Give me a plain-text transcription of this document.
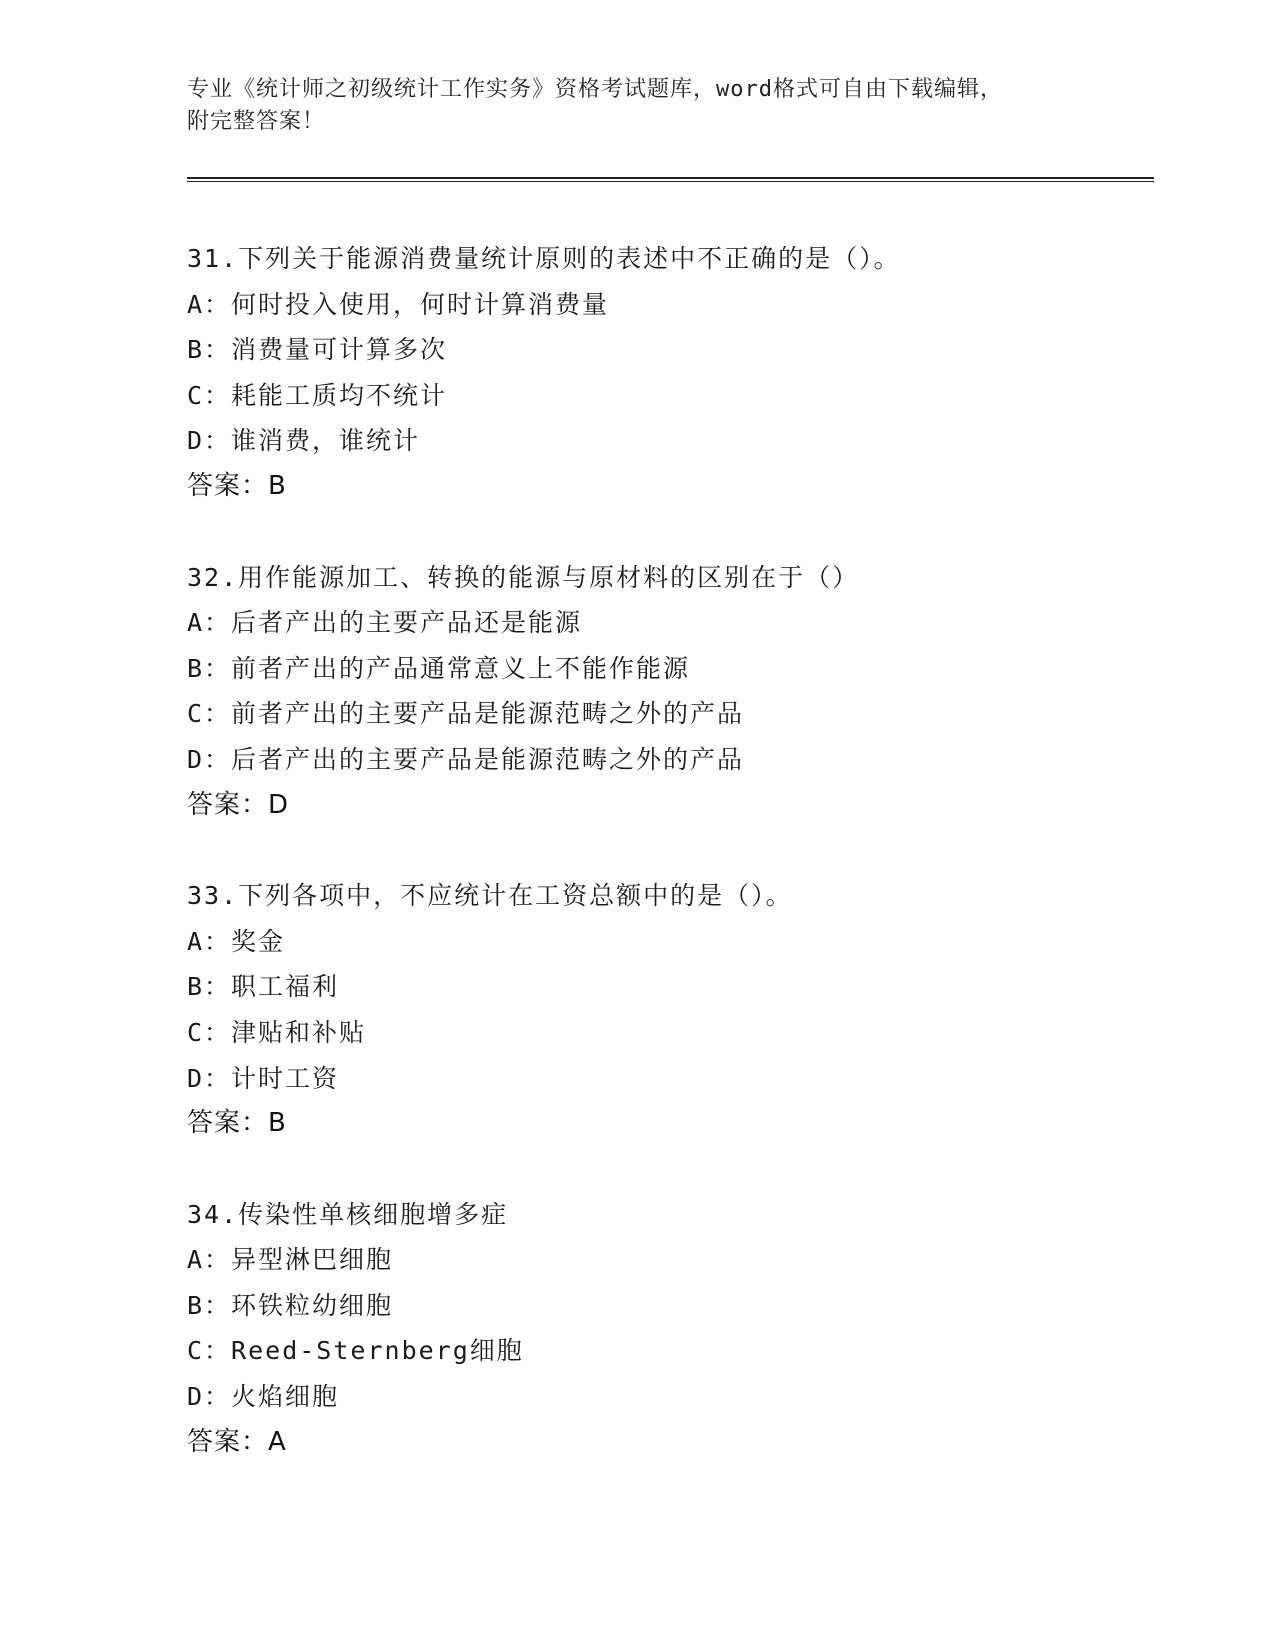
专业《统计师之初级统计工作实务》资格考试题库，word格式可自由下载编辑，
附完整答案！
31.下列关于能源消费量统计原则的表述中不正确的是（）。
A：何时投入使用，何时计算消费量
B：消费量可计算多次
C：耗能工质均不统计
D：谁消费，谁统计
答案：B
32.用作能源加工、转换的能源与原材料的区别在于（）
A：后者产出的主要产品还是能源
B：前者产出的产品通常意义上不能作能源
C：前者产出的主要产品是能源范畴之外的产品
D：后者产出的主要产品是能源范畴之外的产品
答案：D
33.下列各项中，不应统计在工资总额中的是（）。
A：奖金
B：职工福利
C：津贴和补贴
D：计时工资
答案：B
34.传染性单核细胞增多症
A：异型淋巴细胞
B：环铁粒幼细胞
C：Reed-Sternberg细胞
D：火焰细胞
答案：A
